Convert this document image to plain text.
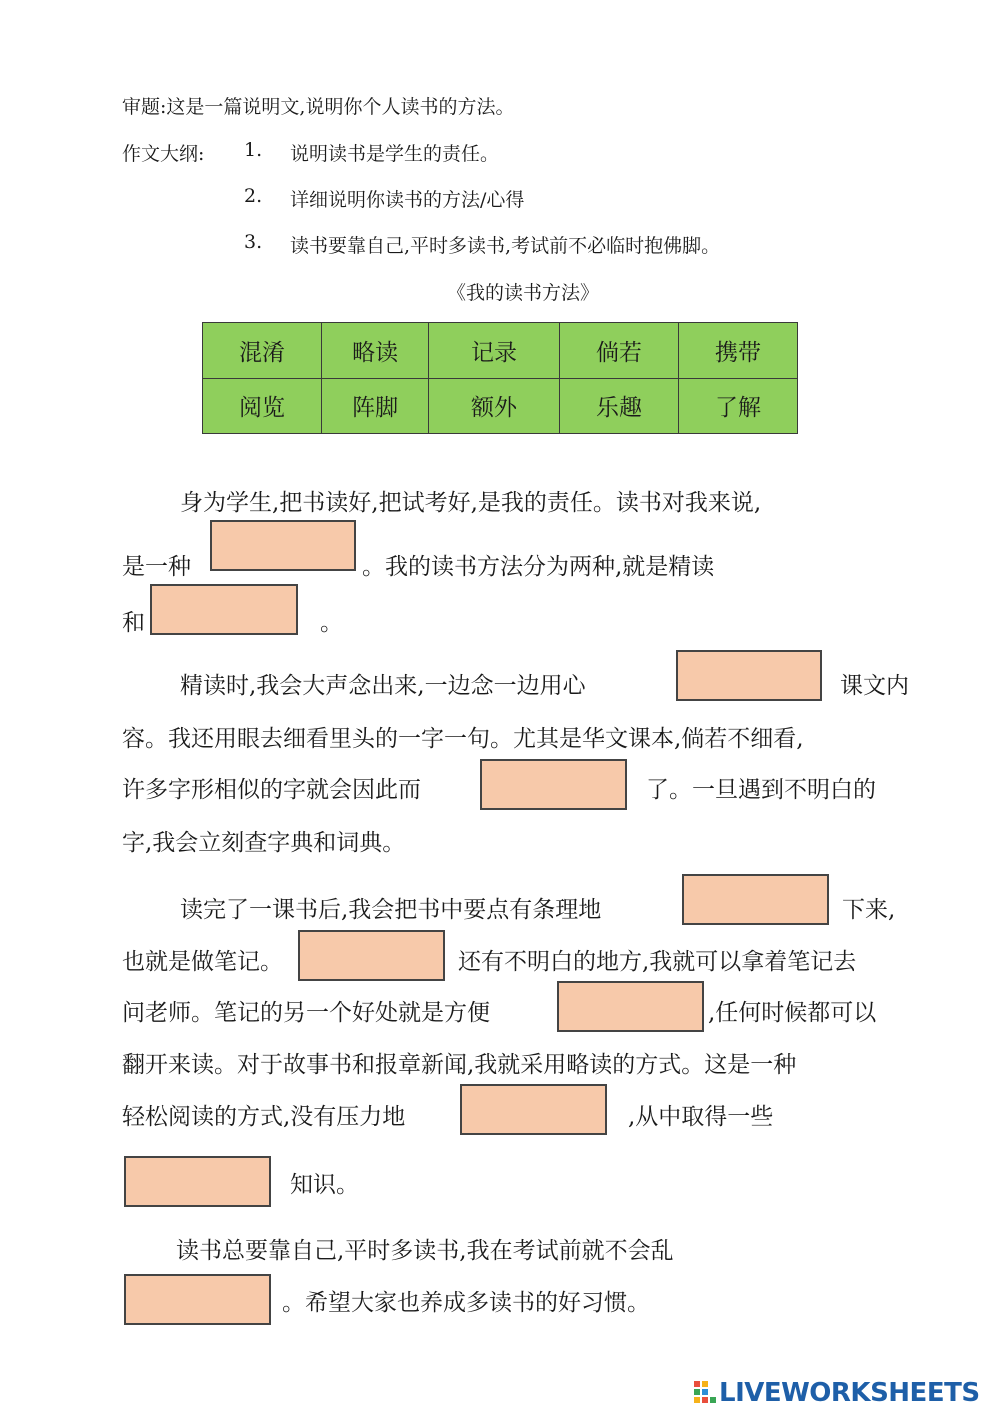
审题:这是一篇说明文,说明你个人读书的方法。
作文大纲: 1. 说明读书是学生的责任。
2. 详细说明你读书的方法/心得
3. 读书要靠自己,平时多读书,考试前不必临时抱佛脚。
《我的读书方法》
混淆	略读	记录	倘若	携带
阅览	阵脚	额外	乐趣	了解
身为学生,把书读好,把试考好,是我的责任。读书对我来说,
是一种	。我的读书方法分为两种,就是精读
和	。
精读时,我会大声念出来,一边念一边用心	课文内
容。我还用眼去细看里头的一字一句。尤其是华文课本,倘若不细看,
许多字形相似的字就会因此而	了。一旦遇到不明白的
字,我会立刻查字典和词典。
读完了一课书后,我会把书中要点有条理地	下来,
也就是做笔记。	还有不明白的地方,我就可以拿着笔记去
问老师。笔记的另一个好处就是方便	,任何时候都可以
翻开来读。对于故事书和报章新闻,我就采用略读的方式。这是一种
轻松阅读的方式,没有压力地	,从中取得一些
知识。
读书总要靠自己,平时多读书,我在考试前就不会乱
。希望大家也养成多读书的好习惯。
LIVEWORKSHEETS
